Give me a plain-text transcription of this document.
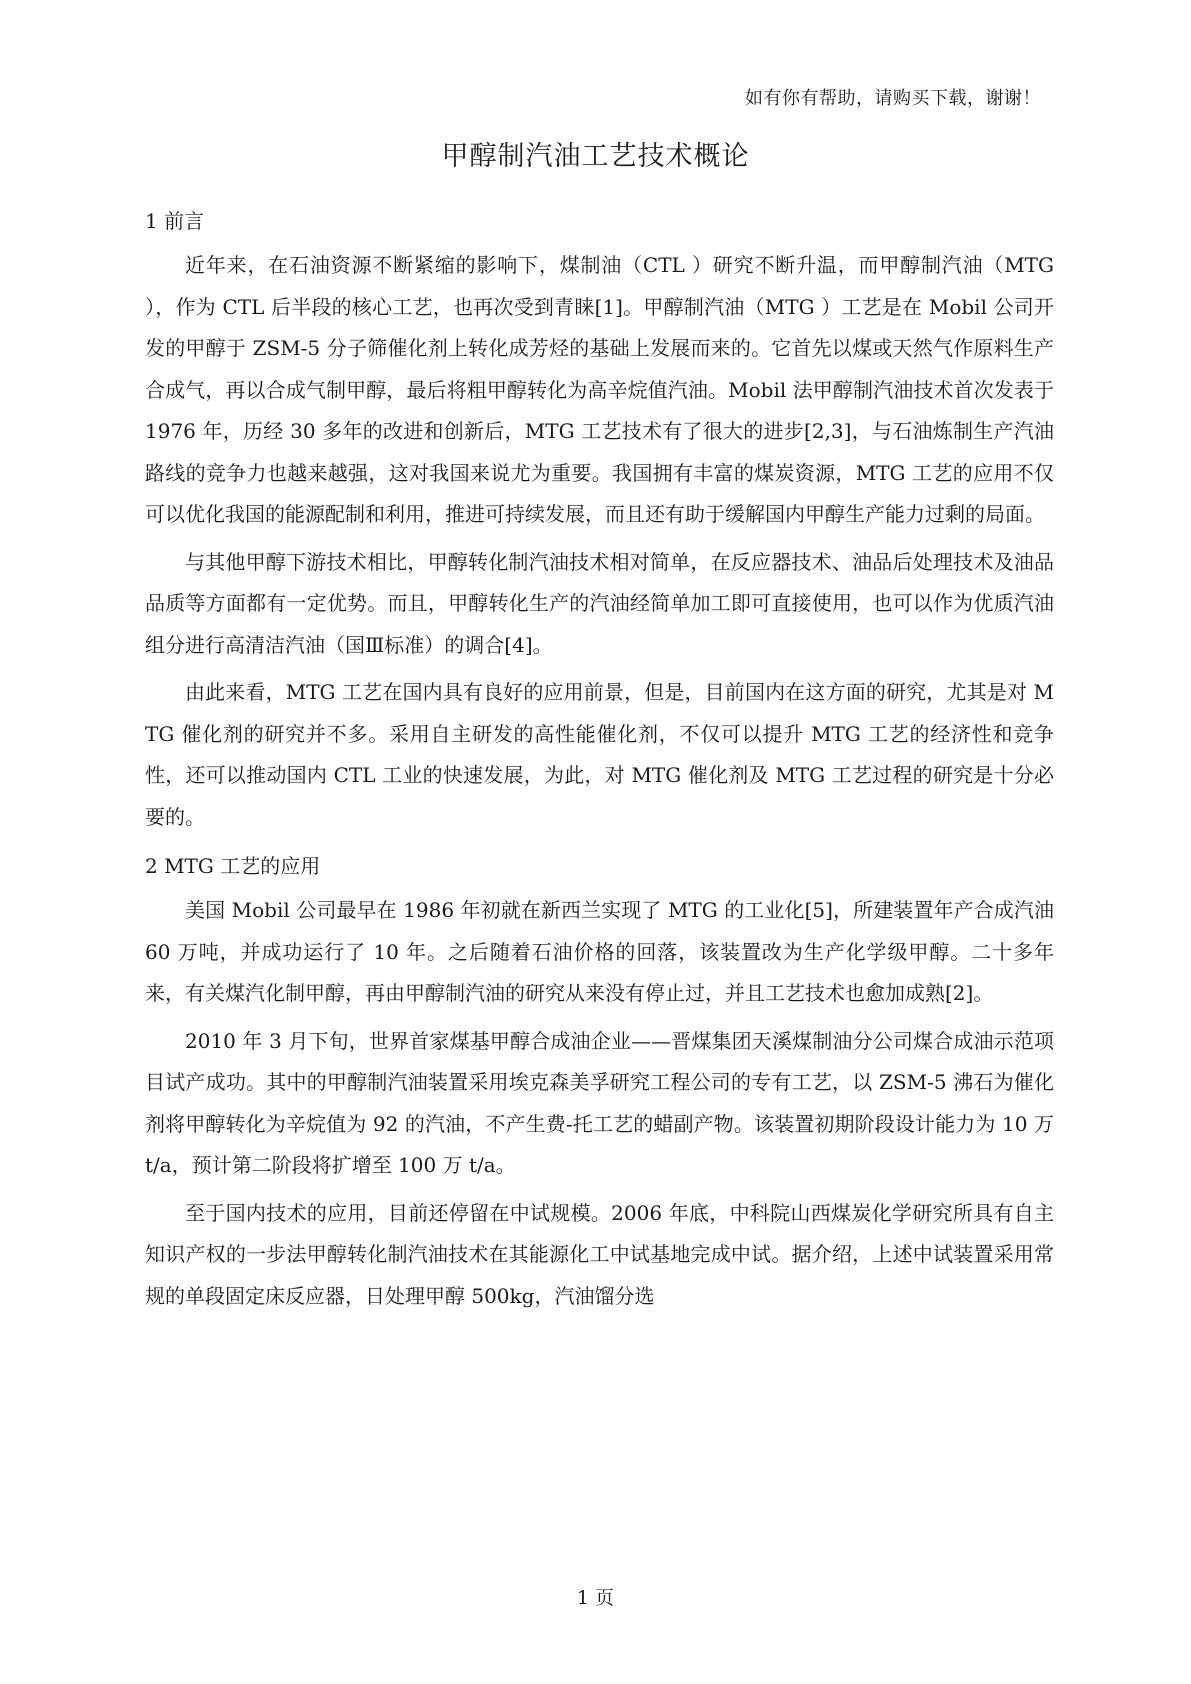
如有你有帮助，请购买下载，谢谢！
甲醇制汽油工艺技术概论
1 前言

近年来，在石油资源不断紧缩的影响下，煤制油（CTL ）研究不断升温，而甲醇制汽油（MTG ），作为 CTL 后半段的核心工艺，也再次受到青睐[1]。甲醇制汽油（MTG ）工艺是在 Mobil 公司开发的甲醇于 ZSM-5 分子筛催化剂上转化成芳烃的基础上发展而来的。它首先以煤或天然气作原料生产合成气，再以合成气制甲醇，最后将粗甲醇转化为高辛烷值汽油。Mobil 法甲醇制汽油技术首次发表于 1976 年，历经 30 多年的改进和创新后，MTG 工艺技术有了很大的进步[2,3]，与石油炼制生产汽油路线的竞争力也越来越强，这对我国来说尤为重要。我国拥有丰富的煤炭资源，MTG 工艺的应用不仅可以优化我国的能源配制和利用，推进可持续发展，而且还有助于缓解国内甲醇生产能力过剩的局面。

与其他甲醇下游技术相比，甲醇转化制汽油技术相对简单，在反应器技术、油品后处理技术及油品品质等方面都有一定优势。而且，甲醇转化生产的汽油经简单加工即可直接使用，也可以作为优质汽油组分进行高清洁汽油（国Ⅲ标准）的调合[4]。

由此来看，MTG 工艺在国内具有良好的应用前景，但是，目前国内在这方面的研究，尤其是对 MTG 催化剂的研究并不多。采用自主研发的高性能催化剂，不仅可以提升 MTG 工艺的经济性和竞争性，还可以推动国内 CTL 工业的快速发展，为此，对 MTG 催化剂及 MTG 工艺过程的研究是十分必要的。

2 MTG 工艺的应用

美国 Mobil 公司最早在 1986 年初就在新西兰实现了 MTG 的工业化[5]，所建装置年产合成汽油 60 万吨，并成功运行了 10 年。之后随着石油价格的回落，该装置改为生产化学级甲醇。二十多年来，有关煤汽化制甲醇，再由甲醇制汽油的研究从来没有停止过，并且工艺技术也愈加成熟[2]。

2010 年 3 月下旬，世界首家煤基甲醇合成油企业——晋煤集团天溪煤制油分公司煤合成油示范项目试产成功。其中的甲醇制汽油装置采用埃克森美孚研究工程公司的专有工艺，以 ZSM-5 沸石为催化剂将甲醇转化为辛烷值为 92 的汽油，不产生费-托工艺的蜡副产物。该装置初期阶段设计能力为 10 万 t/a，预计第二阶段将扩增至 100 万 t/a。

至于国内技术的应用，目前还停留在中试规模。2006 年底，中科院山西煤炭化学研究所具有自主知识产权的一步法甲醇转化制汽油技术在其能源化工中试基地完成中试。据介绍，上述中试装置采用常规的单段固定床反应器，日处理甲醇 500kg，汽油馏分选

1 页
